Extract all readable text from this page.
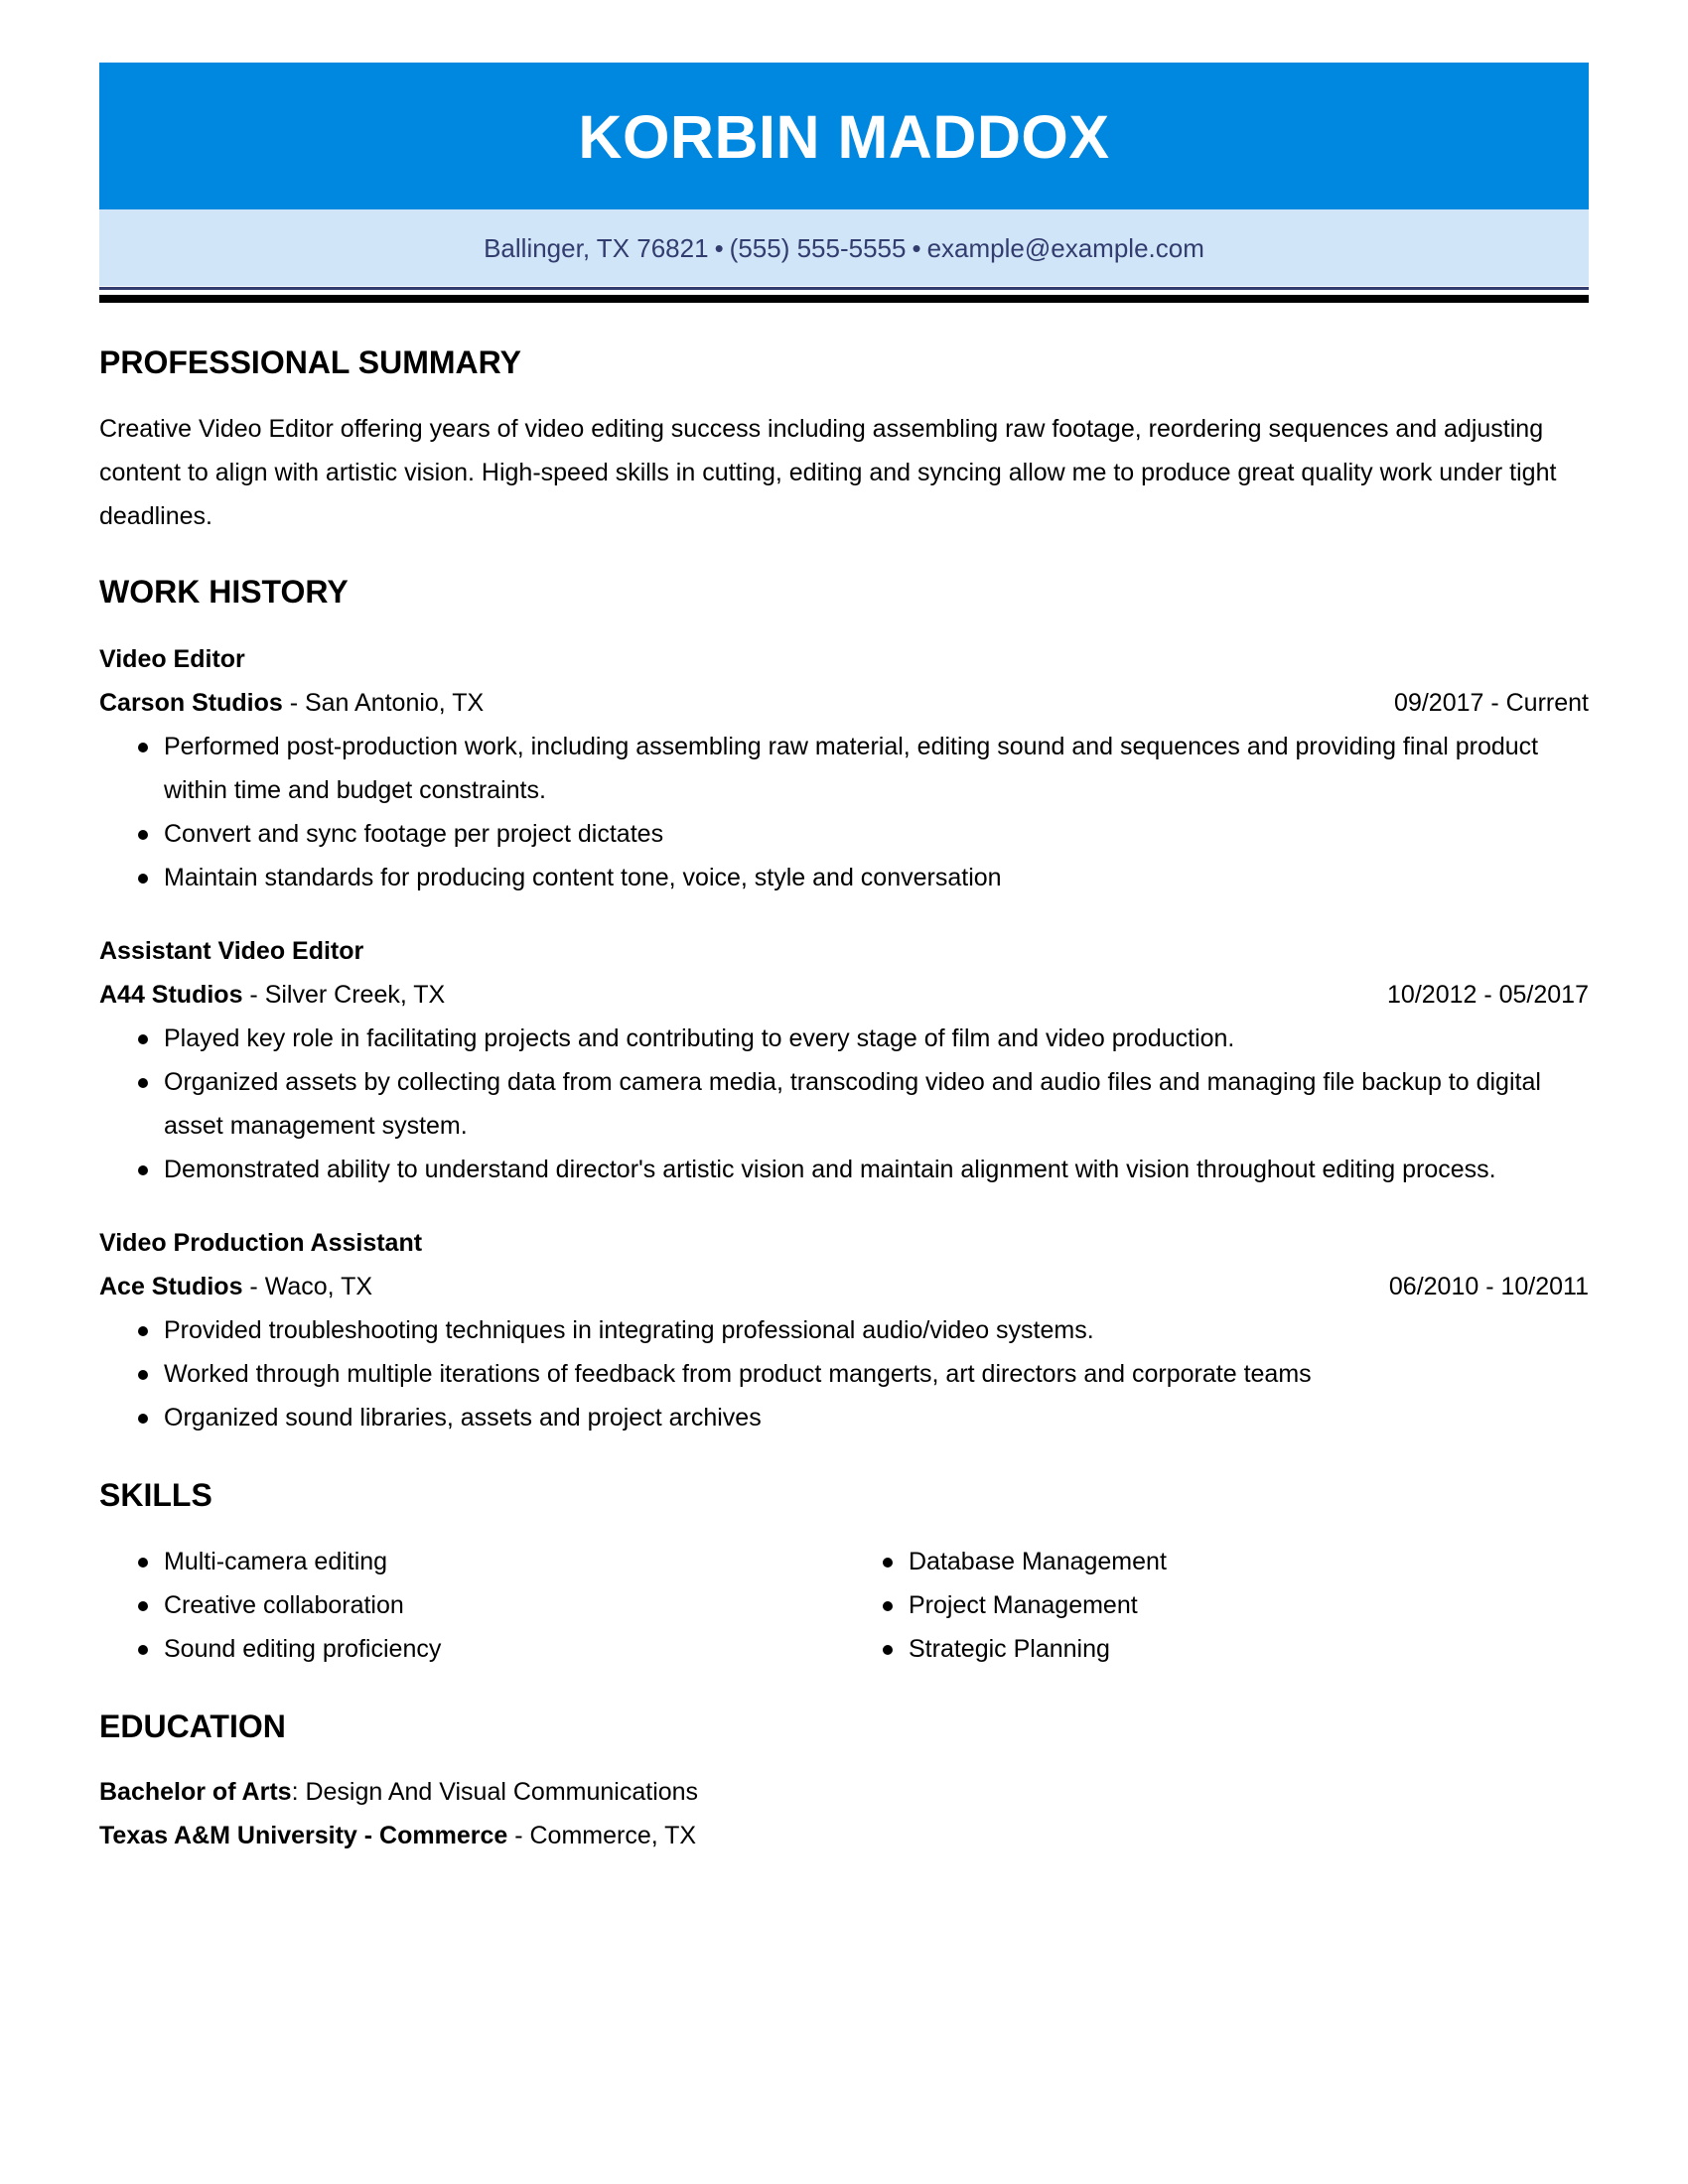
KORBIN MADDOX
Ballinger, TX 76821 • (555) 555-5555 • example@example.com
PROFESSIONAL SUMMARY
Creative Video Editor offering years of video editing success including assembling raw footage, reordering sequences and adjusting content to align with artistic vision. High-speed skills in cutting, editing and syncing allow me to produce great quality work under tight deadlines.
WORK HISTORY
Video Editor
Carson Studios - San Antonio, TX	09/2017 - Current
Performed post-production work, including assembling raw material, editing sound and sequences and providing final product within time and budget constraints.
Convert and sync footage per project dictates
Maintain standards for producing content tone, voice, style and conversation
Assistant Video Editor
A44 Studios - Silver Creek, TX	10/2012 - 05/2017
Played key role in facilitating projects and contributing to every stage of film and video production.
Organized assets by collecting data from camera media, transcoding video and audio files and managing file backup to digital asset management system.
Demonstrated ability to understand director's artistic vision and maintain alignment with vision throughout editing process.
Video Production Assistant
Ace Studios - Waco, TX	06/2010 - 10/2011
Provided troubleshooting techniques in integrating professional audio/video systems.
Worked through multiple iterations of feedback from product mangerts, art directors and corporate teams
Organized sound libraries, assets and project archives
SKILLS
Multi-camera editing
Creative collaboration
Sound editing proficiency
Database Management
Project Management
Strategic Planning
EDUCATION
Bachelor of Arts: Design And Visual Communications
Texas A&M University - Commerce - Commerce, TX
